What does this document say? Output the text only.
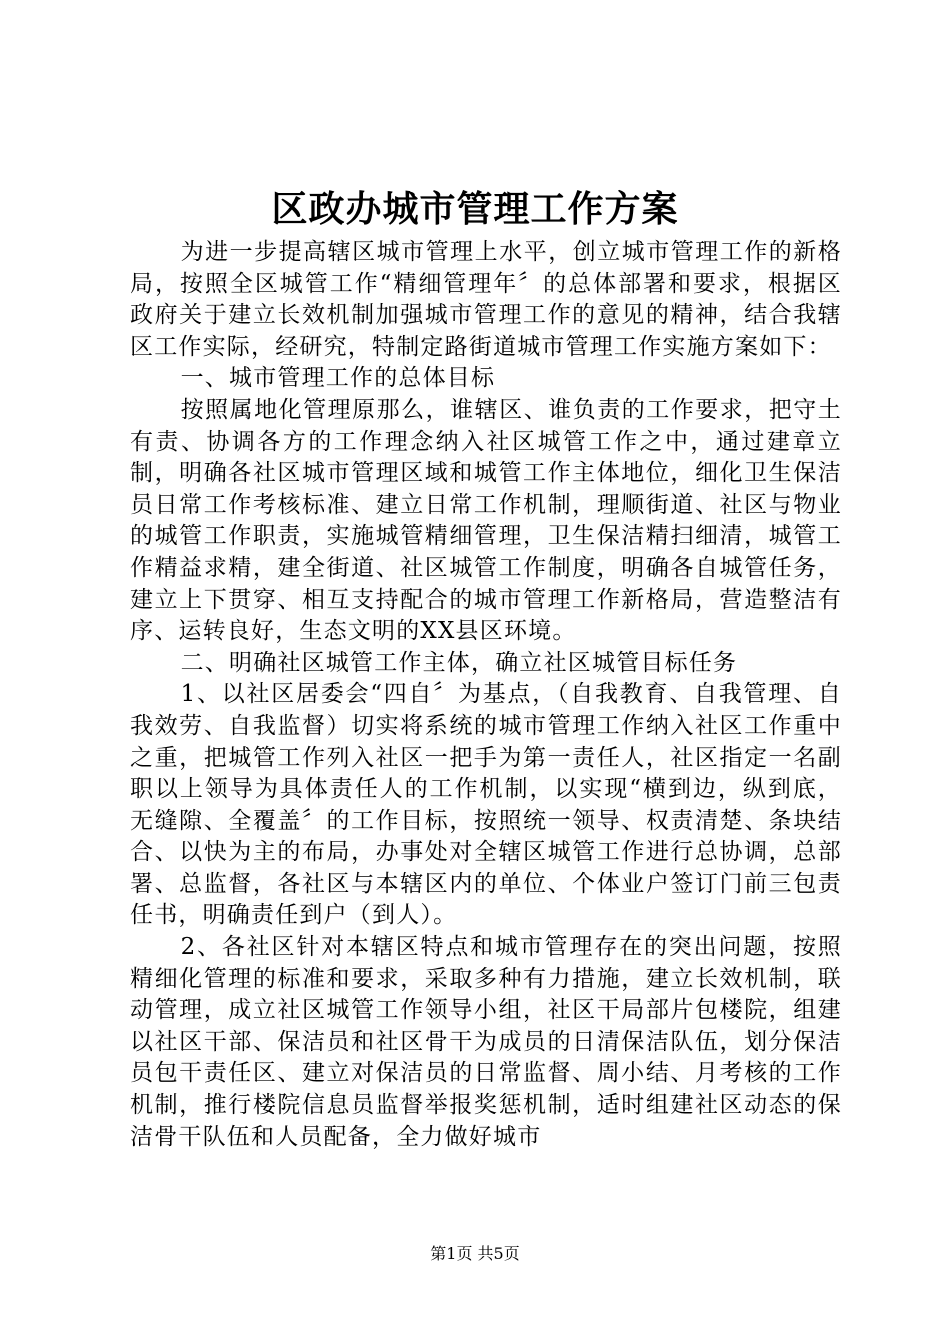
区政办城市管理工作方案

为进一步提高辖区城市管理上水平，创立城市管理工作的新格局，按照全区城管工作“精细管理年〞的总体部署和要求，根据区政府关于建立长效机制加强城市管理工作的意见的精神，结合我辖区工作实际，经研究，特制定路街道城市管理工作实施方案如下：

一、城市管理工作的总体目标

按照属地化管理原那么，谁辖区、谁负责的工作要求，把守土有责、协调各方的工作理念纳入社区城管工作之中，通过建章立制，明确各社区城市管理区域和城管工作主体地位，细化卫生保洁员日常工作考核标准、建立日常工作机制，理顺街道、社区与物业的城管工作职责，实施城管精细管理，卫生保洁精扫细清，城管工作精益求精，建全街道、社区城管工作制度，明确各自城管任务，建立上下贯穿、相互支持配合的城市管理工作新格局，营造整洁有序、运转良好，生态文明的XX县区环境。

二、明确社区城管工作主体，确立社区城管目标任务

1、以社区居委会“四自〞为基点，（自我教育、自我管理、自我效劳、自我监督）切实将系统的城市管理工作纳入社区工作重中之重，把城管工作列入社区一把手为第一责任人，社区指定一名副职以上领导为具体责任人的工作机制，以实现“横到边，纵到底，无缝隙、全覆盖〞的工作目标，按照统一领导、权责清楚、条块结合、以快为主的布局，办事处对全辖区城管工作进行总协调，总部署、总监督，各社区与本辖区内的单位、个体业户签订门前三包责任书，明确责任到户（到人）。

2、各社区针对本辖区特点和城市管理存在的突出问题，按照精细化管理的标准和要求，采取多种有力措施，建立长效机制，联动管理，成立社区城管工作领导小组，社区干局部片包楼院，组建以社区干部、保洁员和社区骨干为成员的日清保洁队伍，划分保洁员包干责任区、建立对保洁员的日常监督、周小结、月考核的工作机制，推行楼院信息员监督举报奖惩机制，适时组建社区动态的保洁骨干队伍和人员配备，全力做好城市

第1页 共5页
